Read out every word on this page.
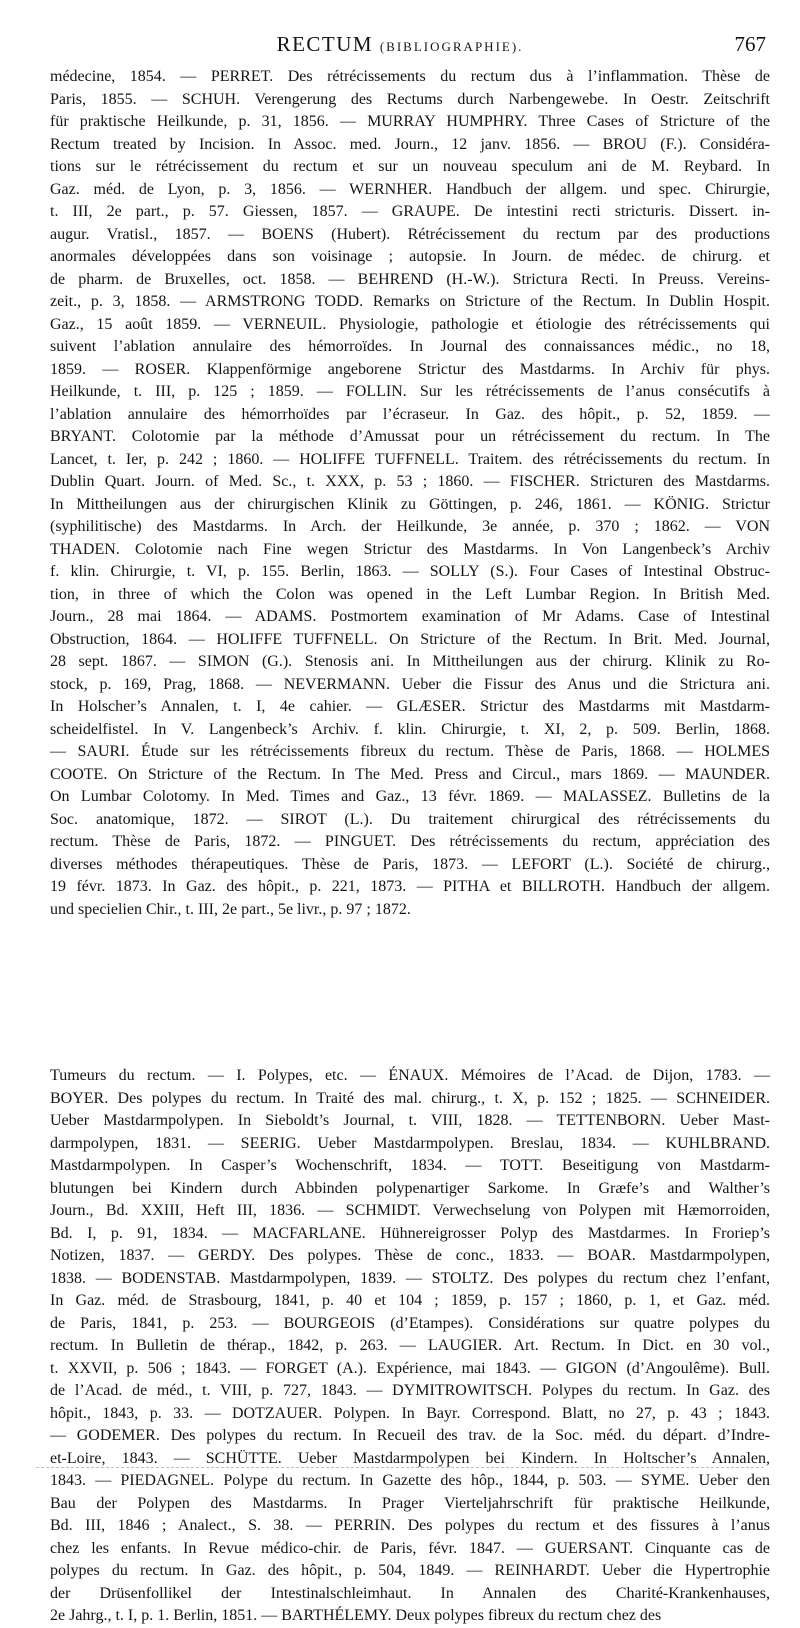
RECTUM (BIBLIOGRAPHIE).	767
médecine, 1854. — PERRET. Des rétrécissements du rectum dus à l’inflammation. Thèse de
Paris, 1855. — SCHUH. Verengerung des Rectums durch Narbengewebe. In Oestr. Zeitschrift
für praktische Heilkunde, p. 31, 1856. — MURRAY HUMPHRY. Three Cases of Stricture of the
Rectum treated by Incision. In Assoc. med. Journ., 12 janv. 1856. — BROU (F.). Considéra-
tions sur le rétrécissement du rectum et sur un nouveau speculum ani de M. Reybard. In
Gaz. méd. de Lyon, p. 3, 1856. — WERNHER. Handbuch der allgem. und spec. Chirurgie,
t. III, 2e part., p. 57. Giessen, 1857. — GRAUPE. De intestini recti stricturis. Dissert. in-
augur. Vratisl., 1857. — BOENS (Hubert). Rétrécissement du rectum par des productions
anormales développées dans son voisinage ; autopsie. In Journ. de médec. de chirurg. et
de pharm. de Bruxelles, oct. 1858. — BEHREND (H.-W.). Strictura Recti. In Preuss. Vereins-
zeit., p. 3, 1858. — ARMSTRONG TODD. Remarks on Stricture of the Rectum. In Dublin Hospit.
Gaz., 15 août 1859. — VERNEUIL. Physiologie, pathologie et étiologie des rétrécissements qui
suivent l’ablation annulaire des hémorroïdes. In Journal des connaissances médic., no 18,
1859. — ROSER. Klappenförmige angeborene Strictur des Mastdarms. In Archiv für phys.
Heilkunde, t. III, p. 125 ; 1859. — FOLLIN. Sur les rétrécissements de l’anus consécutifs à
l’ablation annulaire des hémorrhoïdes par l’écraseur. In Gaz. des hôpit., p. 52, 1859. —
BRYANT. Colotomie par la méthode d’Amussat pour un rétrécissement du rectum. In The
Lancet, t. Ier, p. 242 ; 1860. — HOLIFFE TUFFNELL. Traitem. des rétrécissements du rectum. In
Dublin Quart. Journ. of Med. Sc., t. XXX, p. 53 ; 1860. — FISCHER. Stricturen des Mastdarms.
In Mittheilungen aus der chirurgischen Klinik zu Göttingen, p. 246, 1861. — KÖNIG. Strictur
(syphilitische) des Mastdarms. In Arch. der Heilkunde, 3e année, p. 370 ; 1862. — VON
THADEN. Colotomie nach Fine wegen Strictur des Mastdarms. In Von Langenbeck’s Archiv
f. klin. Chirurgie, t. VI, p. 155. Berlin, 1863. — SOLLY (S.). Four Cases of Intestinal Obstruc-
tion, in three of which the Colon was opened in the Left Lumbar Region. In British Med.
Journ., 28 mai 1864. — ADAMS. Postmortem examination of Mr Adams. Case of Intestinal
Obstruction, 1864. — HOLIFFE TUFFNELL. On Stricture of the Rectum. In Brit. Med. Journal,
28 sept. 1867. — SIMON (G.). Stenosis ani. In Mittheilungen aus der chirurg. Klinik zu Ro-
stock, p. 169, Prag, 1868. — NEVERMANN. Ueber die Fissur des Anus und die Strictura ani.
In Holscher’s Annalen, t. I, 4e cahier. — GLÆSER. Strictur des Mastdarms mit Mastdarm-
scheidelfistel. In V. Langenbeck’s Archiv. f. klin. Chirurgie, t. XI, 2, p. 509. Berlin, 1868.
— SAURI. Étude sur les rétrécissements fibreux du rectum. Thèse de Paris, 1868. — HOLMES
COOTE. On Stricture of the Rectum. In The Med. Press and Circul., mars 1869. — MAUNDER.
On Lumbar Colotomy. In Med. Times and Gaz., 13 févr. 1869. — MALASSEZ. Bulletins de la
Soc. anatomique, 1872. — SIROT (L.). Du traitement chirurgical des rétrécissements du
rectum. Thèse de Paris, 1872. — PINGUET. Des rétrécissements du rectum, appréciation des
diverses méthodes thérapeutiques. Thèse de Paris, 1873. — LEFORT (L.). Société de chirurg.,
19 févr. 1873. In Gaz. des hôpit., p. 221, 1873. — PITHA et BILLROTH. Handbuch der allgem.
und specielien Chir., t. III, 2e part., 5e livr., p. 97 ; 1872.
Tumeurs du rectum. — I. Polypes, etc. — ÉNAUX. Mémoires de l’Acad. de Dijon, 1783. —
BOYER. Des polypes du rectum. In Traité des mal. chirurg., t. X, p. 152 ; 1825. — SCHNEIDER.
Ueber Mastdarmpolypen. In Sieboldt’s Journal, t. VIII, 1828. — TETTENBORN. Ueber Mast-
darmpolypen, 1831. — SEERIG. Ueber Mastdarmpolypen. Breslau, 1834. — KUHLBRAND.
Mastdarmpolypen. In Casper’s Wochenschrift, 1834. — TOTT. Beseitigung von Mastdarm-
blutungen bei Kindern durch Abbinden polypenartiger Sarkome. In Græfe’s and Walther’s
Journ., Bd. XXIII, Heft III, 1836. — SCHMIDT. Verwechselung von Polypen mit Hæmorroiden,
Bd. I, p. 91, 1834. — MACFARLANE. Hühnereigrosser Polyp des Mastdarmes. In Froriep’s
Notizen, 1837. — GERDY. Des polypes. Thèse de conc., 1833. — BOAR. Mastdarmpolypen,
1838. — BODENSTAB. Mastdarmpolypen, 1839. — STOLTZ. Des polypes du rectum chez l’enfant,
In Gaz. méd. de Strasbourg, 1841, p. 40 et 104 ; 1859, p. 157 ; 1860, p. 1, et Gaz. méd.
de Paris, 1841, p. 253. — BOURGEOIS (d’Etampes). Considérations sur quatre polypes du
rectum. In Bulletin de thérap., 1842, p. 263. — LAUGIER. Art. Rectum. In Dict. en 30 vol.,
t. XXVII, p. 506 ; 1843. — FORGET (A.). Expérience, mai 1843. — GIGON (d’Angoulême). Bull.
de l’Acad. de méd., t. VIII, p. 727, 1843. — DYMITROWITSCH. Polypes du rectum. In Gaz. des
hôpit., 1843, p. 33. — DOTZAUER. Polypen. In Bayr. Correspond. Blatt, no 27, p. 43 ; 1843.
— GODEMER. Des polypes du rectum. In Recueil des trav. de la Soc. méd. du départ. d’Indre-
et-Loire, 1843. — SCHÜTTE. Ueber Mastdarmpolypen bei Kindern. In Holtscher’s Annalen,
1843. — PIEDAGNEL. Polype du rectum. In Gazette des hôp., 1844, p. 503. — SYME. Ueber den
Bau der Polypen des Mastdarms. In Prager Vierteljahrschrift für praktische Heilkunde,
Bd. III, 1846 ; Analect., S. 38. — PERRIN. Des polypes du rectum et des fissures à l’anus
chez les enfants. In Revue médico-chir. de Paris, févr. 1847. — GUERSANT. Cinquante cas de
polypes du rectum. In Gaz. des hôpit., p. 504, 1849. — REINHARDT. Ueber die Hypertrophie
der Drüsenfollikel der Intestinalschleimhaut. In Annalen des Charité-Krankenhauses,
2e Jahrg., t. I, p. 1. Berlin, 1851. — BARTHÉLEMY. Deux polypes fibreux du rectum chez des
